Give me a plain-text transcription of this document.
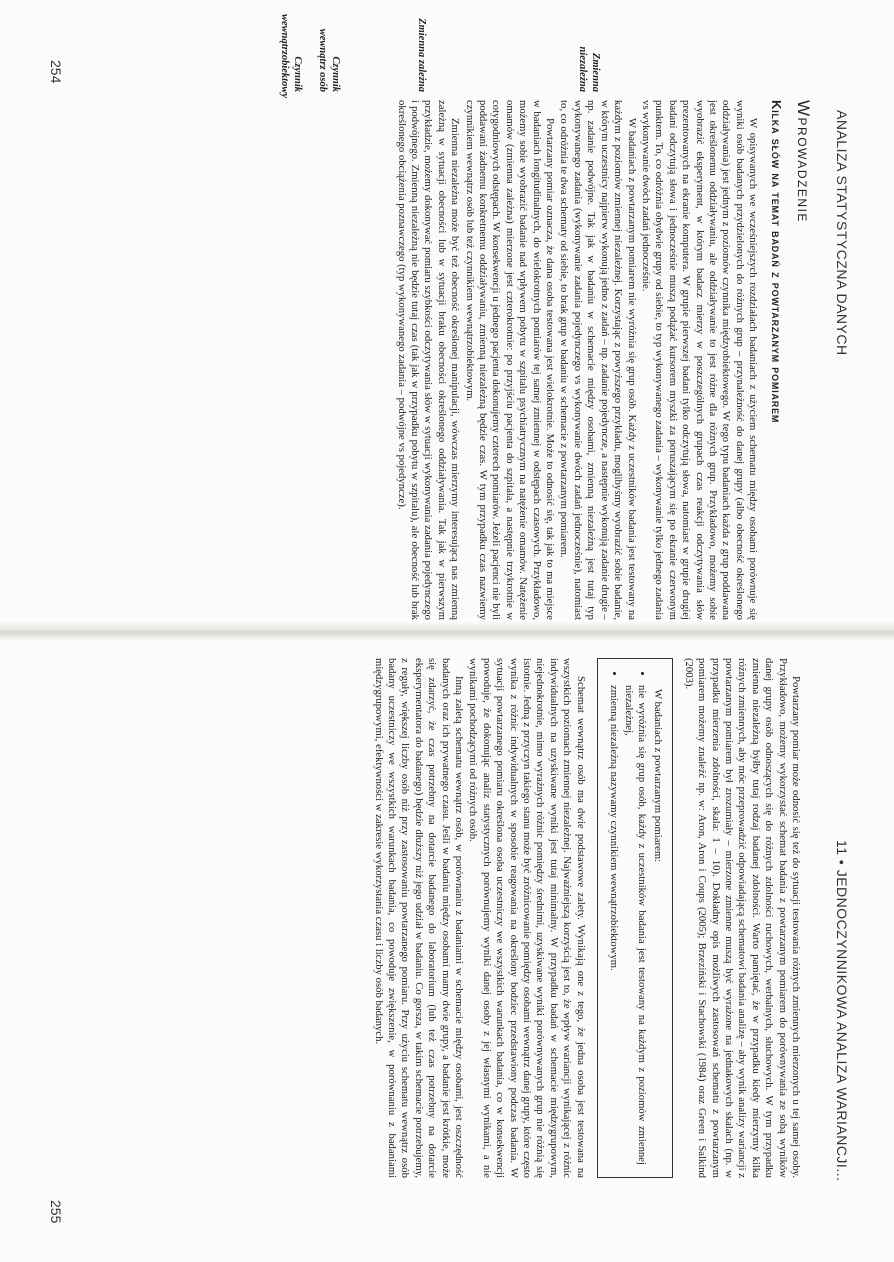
ANALIZA STATYSTYCZNA DANYCH
11 • JEDNOCZYNNIKOWA ANALIZA WARIANCJI...
254
255
Zmienna niezależna
Zmienna zależna
Czynnik wewnątrz osób
Czynnik wewnątrzobiektowy
Wprowadzenie
Kilka słów na temat badań z powtarzanym pomiarem

W opisywanych we wcześniejszych rozdziałach badaniach z użyciem schematu między osobami porównuje się wyniki osób badanych przydzielonych do różnych grup – przynależność do danej grupy (albo obecność określonego oddziaływania) jest jednym z poziomów czynnika międzyobiektowego. W tego typu badaniach każda z grup poddawana jest określonemu oddziaływaniu, ale oddziaływanie to jest różne dla różnych grup. Przykładowo, możemy sobie wyobrazić eksperyment, w którym badacz mierzy w poszczególnych grupach czas reakcji odczytywania słów prezentowanych na ekranie komputera. W grupie pierwszej badani tylko odczytują słowa, natomiast w grupie drugiej badani odczytują słowa i jednocześnie muszą podążać kursorem myszki za poruszającym się po ekranie czerwonym punktem. To, co odróżnia obydwie grupy od siebie, to typ wykonywanego zadania – wykonywanie tylko jednego zadania vs wykonywanie dwóch zadań jednocześnie.

W badaniach z powtarzanym pomiarem nie wyróżnia się grup osób. Każdy z uczestników badania jest testowany na każdym z poziomów zmiennej niezależnej. Korzystając z powyższego przykładu, moglibyśmy wyobrazić sobie badanie, w którym uczestnicy najpierw wykonują jedno z zadań – np. zadanie pojedyncze, a następnie wykonują zadanie drugie – np. zadanie podwójne. Tak jak w badaniu w schemacie między osobami, zmienną niezależną jest tutaj typ wykonywanego zadania (wykonywanie zadania pojedynczego vs wykonywanie dwóch zadań jednocześnie), natomiast to, co odróżnia te dwa schematy od siebie, to brak grup w badaniu w schemacie z powtarzanym pomiarem.

Powtarzany pomiar oznacza, że dana osoba testowana jest wielokrotnie. Może to odnosić się, tak jak to ma miejsce w badaniach longitudinalnych, do wielokrotnych pomiarów tej samej zmiennej w odstępach czasowych. Przykładowo, możemy sobie wyobrazić badanie nad wpływem pobytu w szpitalu psychiatrycznym na natężenie omamów. Natężenie omamów (zmienna zależna) mierzone jest czterokrotnie: po przyjściu pacjenta do szpitala, a następnie trzykrotnie w cotygodniowych odstępach. W konsekwencji u jednego pacjenta dokonujemy czterech pomiarów. Jeżeli pacjenci nie byli poddawani żadnemu konkretnemu oddziaływaniu, zmienną niezależną będzie czas. W tym przypadku czas nazwiemy czynnikiem wewnątrz osób lub też czynnikiem wewnątrzobiektowym.

Zmienna niezależna może być też obecność określonej manipulacji, wówczas mierzymy interesującą nas zmienną zależną w sytuacji obecności lub w sytuacji braku obecności określonego oddziaływania. Tak jak w pierwszym przykładzie, możemy dokonywać pomiaru szybkości odczytywania słów w sytuacji wykonywania zadania pojedynczego i podwójnego. Zmienną niezależną nie będzie tutaj czas (tak jak w przypadku pobytu w szpitalu), ale obecność lub brak określonego obciążenia poznawczego (typ wykonywanego zadania – podwójne vs pojedyncze).

Powtarzany pomiar może odnosić się też do sytuacji testowania różnych zmiennych mierzonych u tej samej osoby. Przykładowo, możemy wykorzystać schemat badania z powtarzanym pomiarem do porównywania ze sobą wyników danej grupy osób odnoszących się do różnych zdolności ruchowych, werbalnych, słuchowych. W tym przypadku zmienna niezależną byłby tutaj rodzaj badanej zdolności. Warto pamiętać, że w przypadku kiedy mierzymy kilka różnych zmiennych, aby móc przeprowadzić odpowiadającą schematowi badania analizę – aby wynik analizy wariancji z powtarzanym pomiarem był zrozumiały – mierzone zmienne muszą być wyrażone na jednakowych skalach (np. w przypadku mierzenia zdolności, skala: 1 – 10). Dokładny opis możliwych zastosowań schematu z powtarzanym pomiarem możemy znaleźć np. w: Aron, Aron i Coups (2005); Brzeziński i Stachowski (1984) oraz Green i Salkind (2003).

W badaniach z powtarzanym pomiarem:

• nie wyróżnia się grup osób, każdy z uczestników badania jest testowany na każdym z poziomów zmiennej niezależnej,
• zmienną niezależną nazywamy czynnikiem wewnątrzobiektowym.

Schemat wewnątrz osób ma dwie podstawowe zalety. Wynikają one z tego, że jedna osoba jest testowana na wszystkich poziomach zmiennej niezależnej. Najważniejszą korzyścią jest to, że wpływ wariancji wynikającej z różnic indywidualnych na uzyskiwane wyniki jest tutaj minimalny. W przypadku badań w schemacie międzygrupowym, niejednokrotnie, mimo wyraźnych różnic pomiędzy średnimi, uzyskiwane wyniki porównywanych grup nie różnią się istotnie. Jedną z przyczyn takiego stanu może być zróżnicowanie pomiędzy osobami wewnątrz danej grupy, które często wynika z różnic indywidualnych w sposobie reagowania na określony bodziec przedstawiony podczas badania. W sytuacji powtarzanego pomiaru określona osoba uczestniczy we wszystkich warunkach badania, co w konsekwencji powoduje, że dokonując analiz statystycznych porównujemy wyniki danej osoby z jej własnymi wynikami, a nie wynikami pochodzącymi od różnych osób.

Inną zaletą schematu wewnątrz osób, w porównaniu z badaniami w schemacie między osobami, jest oszczędność badanych oraz ich prywatnego czasu. Jeśli w badaniu między osobami mamy dwie grupy, a badanie jest krótkie, może się zdarzyć, że czas potrzebny na dotarcie badanego do laboratorium (lub też czas potrzebny na dotarcie eksperymentatora do badanego) będzie dłuższy niż jego udział w badaniu. Co gorsza, w takim schemacie potrzebujemy, z reguły, większej liczby osób niż przy zastosowaniu powtarzanego pomiaru. Przy użyciu schematu wewnątrz osób badany uczestniczy we wszystkich warunkach badania, co powoduje zwiększenie, w porównaniu z badaniami międzygrupowymi, efektywności w zakresie wykorzystania czasu i liczby osób badanych.
